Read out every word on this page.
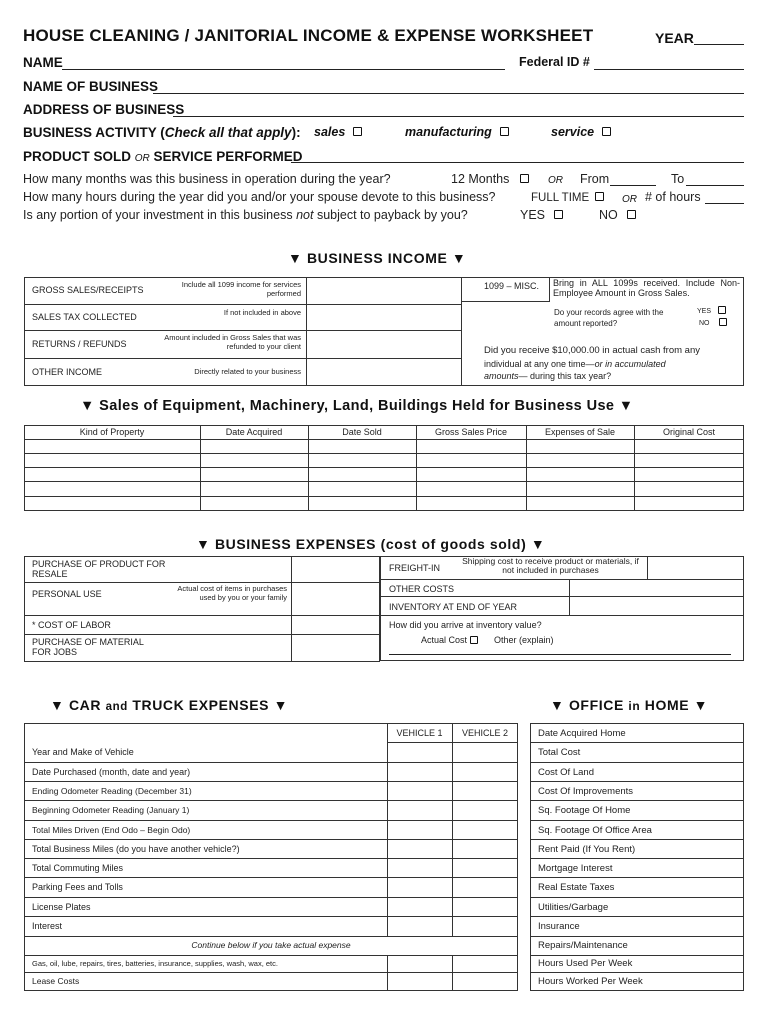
HOUSE CLEANING / JANITORIAL INCOME & EXPENSE WORKSHEET	YEAR
NAME	Federal ID #
NAME OF BUSINESS
ADDRESS OF BUSINESS
BUSINESS ACTIVITY (Check all that apply): sales	manufacturing	service
PRODUCT SOLD OR SERVICE PERFORMED
How many months was this business in operation during the year?	12 Months	OR From	To
How many hours during the year did you and/or your spouse devote to this business?	FULL TIME	OR # of hours
Is any portion of your investment in this business not subject to payback by you?	YES	NO
▼ BUSINESS INCOME ▼
GROSS SALES/RECEIPTS
Include all 1099 income for services performed
SALES TAX COLLECTED	If not included in above
RETURNS / REFUNDS
Amount included in Gross Sales that was refunded to your client
OTHER INCOME	Directly related to your business
1099 – MISC. Bring in ALL 1099s received. Include Non-Employee Amount in Gross Sales.
Do your records agree with the amount reported?
YES
NO
Did you receive $10,000.00 in actual cash from any
individual at any one time—or in accumulated
amounts— during this tax year?
▼ Sales of Equipment, Machinery, Land, Buildings Held for Business Use ▼
Kind of Property	Date Acquired	Date Sold	Gross Sales Price	Expenses of Sale	Original Cost
▼ BUSINESS EXPENSES (cost of goods sold) ▼
PURCHASE OF PRODUCT FOR RESALE
PERSONAL USE
Actual cost of items in purchases used by you or your family
* COST OF LABOR
PURCHASE OF MATERIAL FOR JOBS
FREIGHT-IN
Shipping cost to receive product or materials, if not included in purchases
OTHER COSTS
INVENTORY AT END OF YEAR
How did you arrive at inventory value?
Actual Cost	Other (explain)
▼ CAR and TRUCK EXPENSES ▼
VEHICLE 1	VEHICLE 2
Year and Make of Vehicle
Date Purchased (month, date and year)
Ending Odometer Reading (December 31)
Beginning Odometer Reading (January 1)
Total Miles Driven (End Odo – Begin Odo)
Total Business Miles (do you have another vehicle?)
Total Commuting Miles
Parking Fees and Tolls
License Plates
Interest
Continue below if you take actual expense
Gas, oil, lube, repairs, tires, batteries, insurance, supplies, wash, wax, etc.
Lease Costs
▼ OFFICE in HOME ▼
Date Acquired Home
Total Cost
Cost Of Land
Cost Of Improvements
Sq. Footage Of Home
Sq. Footage Of Office Area
Rent Paid (If You Rent)
Mortgage Interest
Real Estate Taxes
Utilities/Garbage
Insurance
Repairs/Maintenance
Hours Used Per Week
Hours Worked Per Week
